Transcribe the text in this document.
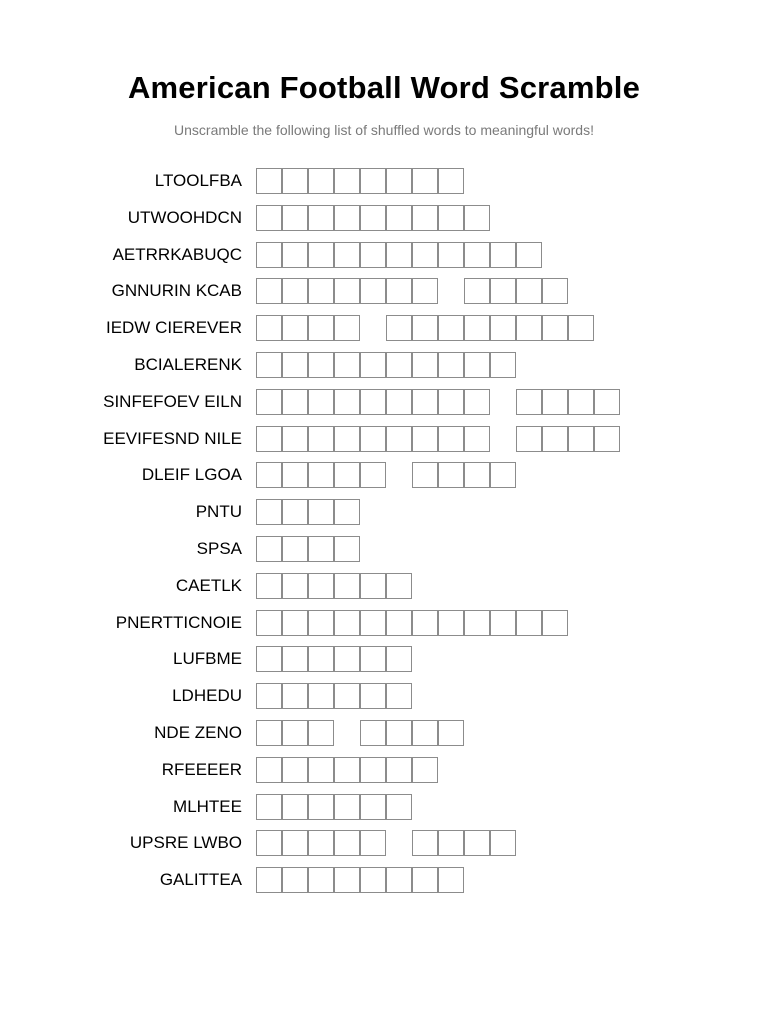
American Football Word Scramble
Unscramble the following list of shuffled words to meaningful words!
LTOOLFBA
UTWOOHDCN
AETRRKABUQC
GNNURIN KCAB
IEDW CIEREVER
BCIALERENK
SINFEFOEV EILN
EEVIFESND NILE
DLEIF LGOA
PNTU
SPSA
CAETLK
PNERTTICNOIE
LUFBME
LDHEDU
NDE ZENO
RFEEEER
MLHTEE
UPSRE LWBO
GALITTEA
